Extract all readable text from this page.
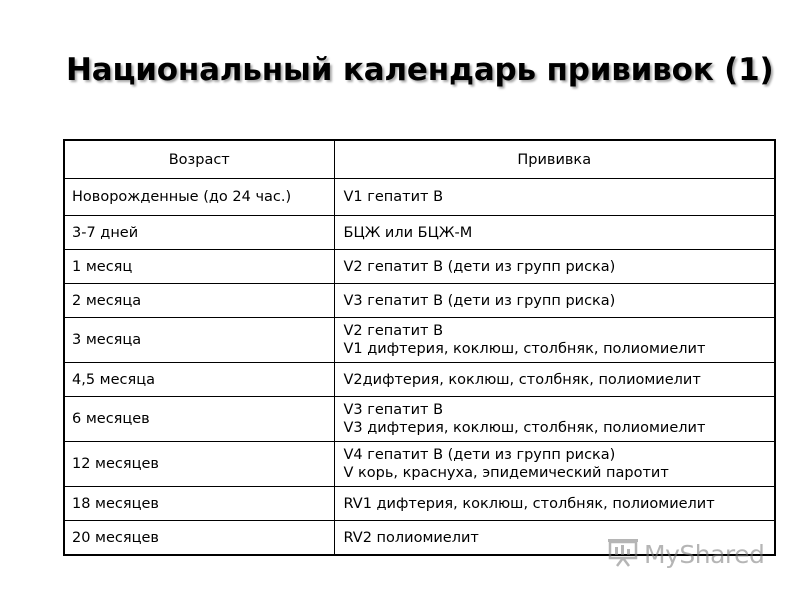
Национальный календарь прививок (1)
Возраст	Прививка
Новорожденные (до 24 час.)	V1 гепатит В

3-7 дней	БЦЖ или БЦЖ-М

1 месяц	V2 гепатит В (дети из групп риска)

2 месяца	V3 гепатит В (дети из групп риска)

3 месяца	V2 гепатит В
V1 дифтерия, коклюш, столбняк, полиомиелит

4,5 месяца	V2дифтерия, коклюш, столбняк, полиомиелит

6 месяцев	V3 гепатит В
V3 дифтерия, коклюш, столбняк, полиомиелит

12 месяцев	V4 гепатит В (дети из групп риска)
V корь, краснуха, эпидемический паротит

18 месяцев	RV1 дифтерия, коклюш, столбняк, полиомиелит

20 месяцев	RV2 полиомиелит
MyShared
